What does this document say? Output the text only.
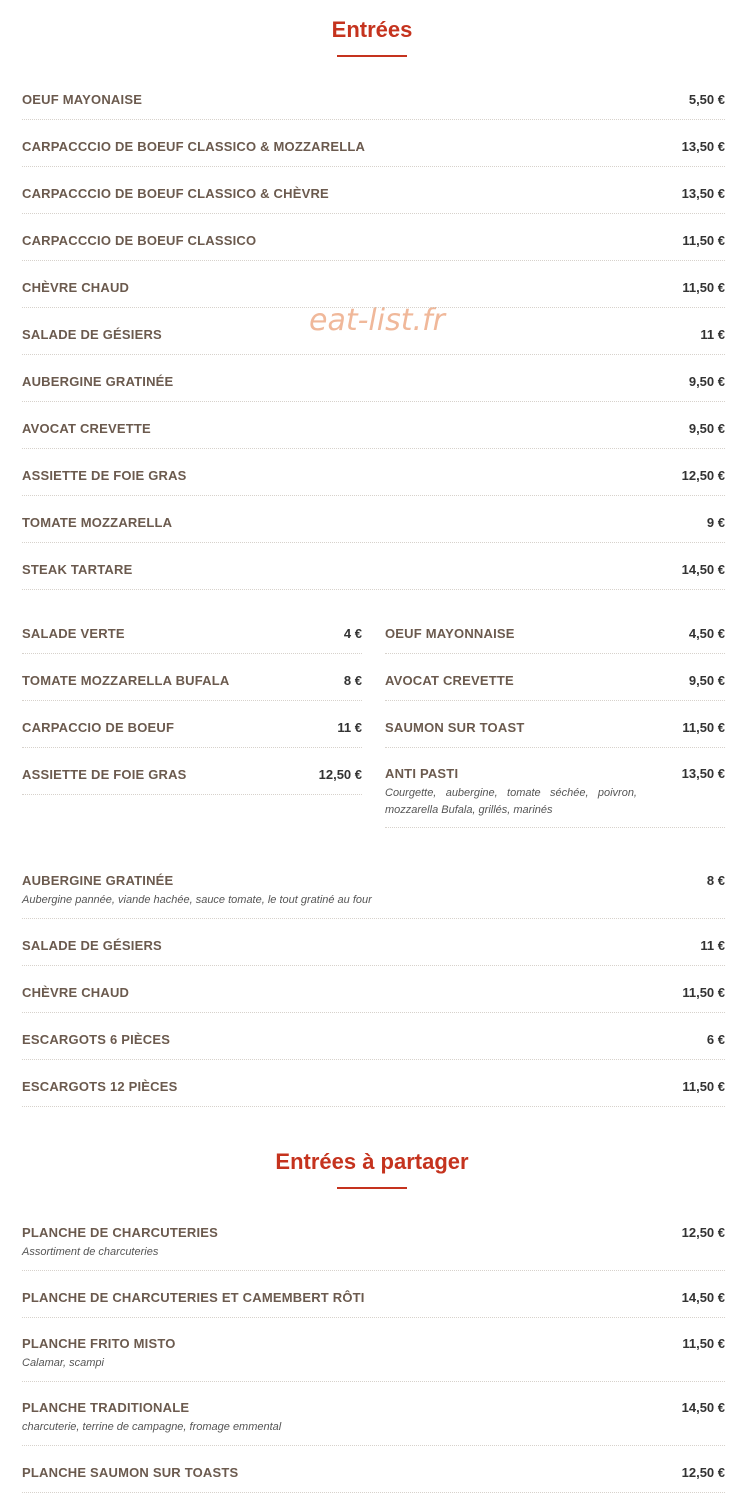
Entrées
eat-list.fr
OEUF MAYONAISE	5,50 €
CARPACCCIO DE BOEUF CLASSICO & MOZZARELLA	13,50 €
CARPACCCIO DE BOEUF CLASSICO & CHÈVRE	13,50 €
CARPACCCIO DE BOEUF CLASSICO	11,50 €
CHÈVRE CHAUD	11,50 €
SALADE DE GÉSIERS	11 €
AUBERGINE GRATINÉE	9,50 €
AVOCAT CREVETTE	9,50 €
ASSIETTE DE FOIE GRAS	12,50 €
TOMATE MOZZARELLA	9 €
STEAK TARTARE	14,50 €
SALADE VERTE	4 €
TOMATE MOZZARELLA BUFALA	8 €
CARPACCIO DE BOEUF	11 €
ASSIETTE DE FOIE GRAS	12,50 €
OEUF MAYONNAISE	4,50 €
AVOCAT CREVETTE	9,50 €
SAUMON SUR TOAST	11,50 €
ANTI PASTI	13,50 €
Courgette, aubergine, tomate séchée, poivron, mozzarella Bufala, grillés, marinés
AUBERGINE GRATINÉE	8 €
Aubergine pannée, viande hachée, sauce tomate, le tout gratiné au four
SALADE DE GÉSIERS	11 €
CHÈVRE CHAUD	11,50 €
ESCARGOTS 6 PIÈCES	6 €
ESCARGOTS 12 PIÈCES	11,50 €
Entrées à partager
PLANCHE DE CHARCUTERIES	12,50 €
Assortiment de charcuteries
PLANCHE DE CHARCUTERIES ET CAMEMBERT RÔTI	14,50 €
PLANCHE FRITO MISTO	11,50 €
Calamar, scampi
PLANCHE TRADITIONALE	14,50 €
charcuterie, terrine de campagne, fromage emmental
PLANCHE SAUMON SUR TOASTS	12,50 €
